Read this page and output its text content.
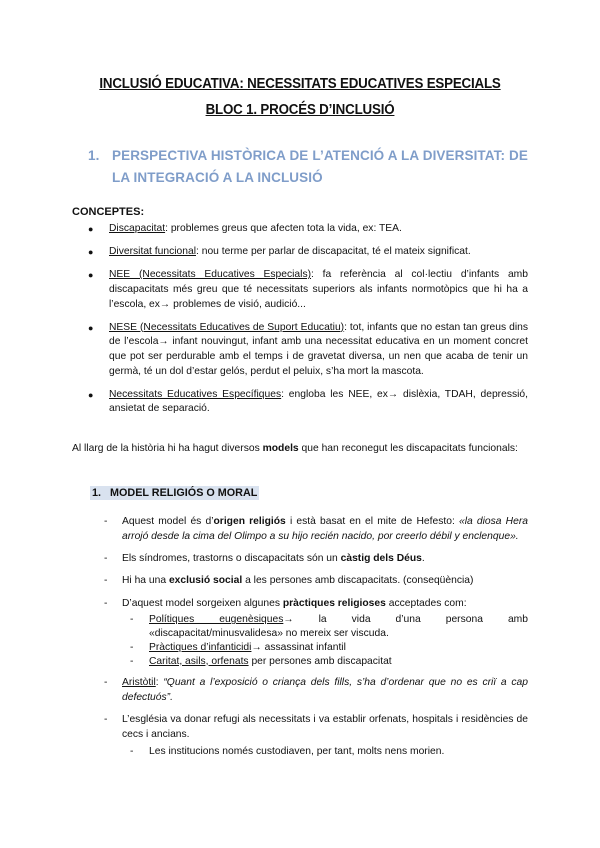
INCLUSIÓ EDUCATIVA: NECESSITATS EDUCATIVES ESPECIALS
BLOC 1. PROCÉS D’INCLUSIÓ
1. PERSPECTIVA HISTÒRICA DE L’ATENCIÓ A LA DIVERSITAT: DE LA INTEGRACIÓ A LA INCLUSIÓ
CONCEPTES:
● Discapacitat: problemes greus que afecten tota la vida, ex: TEA.
● Diversitat funcional: nou terme per parlar de discapacitat, té el mateix significat.
● NEE (Necessitats Educatives Especials): fa referència al col·lectiu d’infants amb discapacitats més greu que té necessitats superiors als infants normotòpics que hi ha a l’escola, ex→ problemes de visió, audició...
● NESE (Necessitats Educatives de Suport Educatiu): tot, infants que no estan tan greus dins de l’escola→ infant nouvingut, infant amb una necessitat educativa en un moment concret que pot ser perdurable amb el temps i de gravetat diversa, un nen que acaba de tenir un germà, té un dol d’estar gelós, perdut el peluix, s’ha mort la mascota.
● Necessitats Educatives Específiques: engloba les NEE, ex→ dislèxia, TDAH, depressió, ansietat de separació.
Al llarg de la història hi ha hagut diversos models que han reconegut les discapacitats funcionals:
1. MODEL RELIGIÓS O MORAL
- Aquest model és d’origen religiós i està basat en el mite de Hefesto: «la diosa Hera arrojó desde la cima del Olimpo a su hijo recién nacido, por creerlo débil y enclenque».
- Els síndromes, trastorns o discapacitats són un càstig dels Déus.
- Hi ha una exclusió social a les persones amb discapacitats. (conseqüència)
- D’aquest model sorgeixen algunes pràctiques religioses acceptades com:
- Polítiques eugenèsiques→ la vida d’una persona amb «discapacitat/minusvalidesa» no mereix ser viscuda.
- Pràctiques d’infanticidi→ assassinat infantil
- Caritat, asils, orfenats per persones amb discapacitat
- Aristòtil: “Quant a l’exposició o criança dels fills, s’ha d’ordenar que no es criï a cap defectuós”.
- L’església va donar refugi als necessitats i va establir orfenats, hospitals i residències de cecs i ancians.
- Les institucions només custodiaven, per tant, molts nens morien.
